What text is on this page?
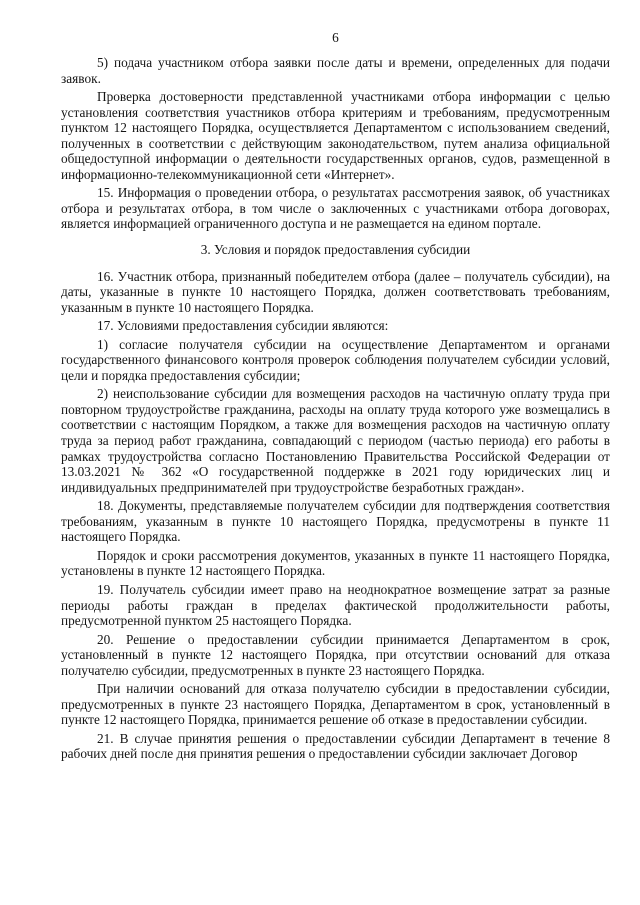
6

5) подача участником отбора заявки после даты и времени, определенных для подачи заявок.

Проверка достоверности представленной участниками отбора информации с целью установления соответствия участников отбора критериям и требованиям, предусмотренным пунктом 12 настоящего Порядка, осуществляется Департаментом с использованием сведений, полученных в соответствии с действующим законодательством, путем анализа официальной общедоступной информации о деятельности государственных органов, судов, размещенной в информационно-телекоммуникационной сети «Интернет».

15. Информация о проведении отбора, о результатах рассмотрения заявок, об участниках отбора и результатах отбора, в том числе о заключенных с участниками отбора договорах, является информацией ограниченного доступа и не размещается на едином портале.

3. Условия и порядок предоставления субсидии

16. Участник отбора, признанный победителем отбора (далее – получатель субсидии), на даты, указанные в пункте 10 настоящего Порядка, должен соответствовать требованиям, указанным в пункте 10 настоящего Порядка.

17. Условиями предоставления субсидии являются:

1) согласие получателя субсидии на осуществление Департаментом и органами государственного финансового контроля проверок соблюдения получателем субсидии условий, цели и порядка предоставления субсидии;

2) неиспользование субсидии для возмещения расходов на частичную оплату труда при повторном трудоустройстве гражданина, расходы на оплату труда которого уже возмещались в соответствии с настоящим Порядком, а также для возмещения расходов на частичную оплату труда за период работ гражданина, совпадающий с периодом (частью периода) его работы в рамках трудоустройства согласно Постановлению Правительства Российской Федерации от 13.03.2021 № 362 «О государственной поддержке в 2021 году юридических лиц и индивидуальных предпринимателей при трудоустройстве безработных граждан».

18. Документы, представляемые получателем субсидии для подтверждения соответствия требованиям, указанным в пункте 10 настоящего Порядка, предусмотрены в пункте 11 настоящего Порядка.

Порядок и сроки рассмотрения документов, указанных в пункте 11 настоящего Порядка, установлены в пункте 12 настоящего Порядка.

19. Получатель субсидии имеет право на неоднократное возмещение затрат за разные периоды работы граждан в пределах фактической продолжительности работы, предусмотренной пунктом 25 настоящего Порядка.

20. Решение о предоставлении субсидии принимается Департаментом в срок, установленный в пункте 12 настоящего Порядка, при отсутствии оснований для отказа получателю субсидии, предусмотренных в пункте 23 настоящего Порядка.

При наличии оснований для отказа получателю субсидии в предоставлении субсидии, предусмотренных в пункте 23 настоящего Порядка, Департаментом в срок, установленный в пункте 12 настоящего Порядка, принимается решение об отказе в предоставлении субсидии.

21. В случае принятия решения о предоставлении субсидии Департамент в течение 8 рабочих дней после дня принятия решения о предоставлении субсидии заключает Договор
